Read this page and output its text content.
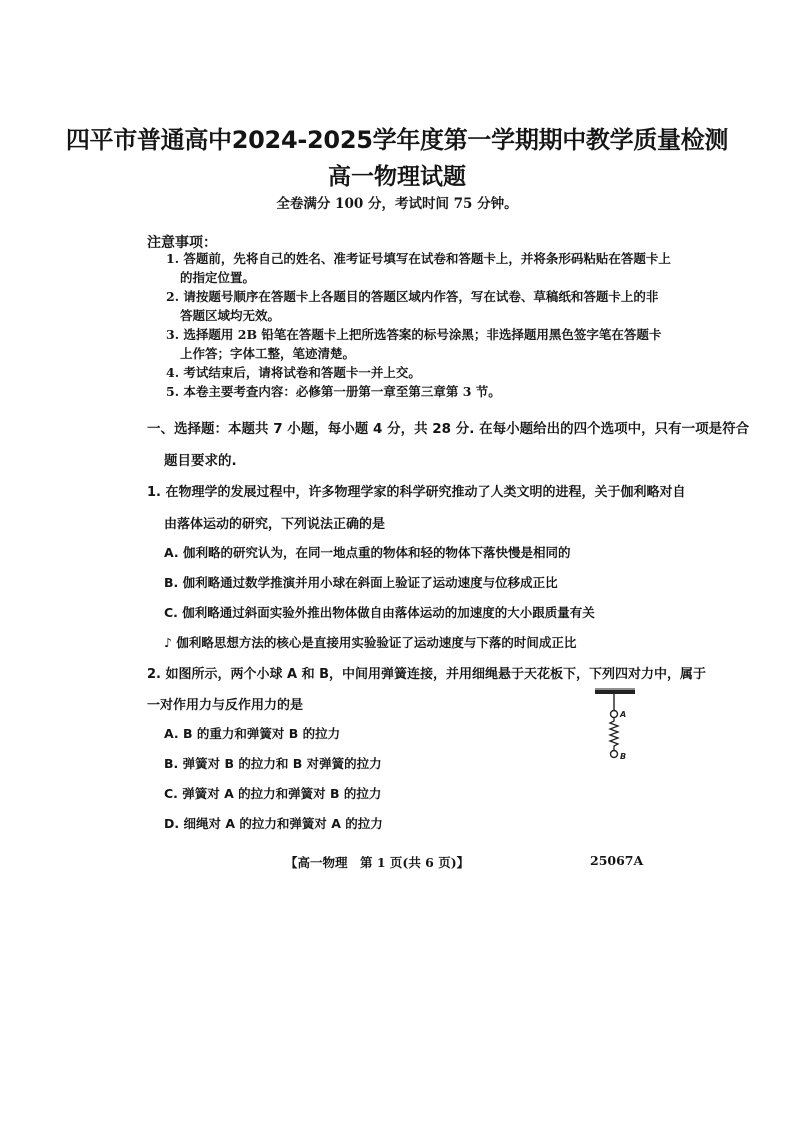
四平市普通高中2024-2025学年度第一学期期中教学质量检测
高一物理试题
全卷满分 100 分，考试时间 75 分钟。
注意事项：
1. 答题前，先将自己的姓名、准考证号填写在试卷和答题卡上，并将条形码粘贴在答题卡上
的指定位置。
2. 请按题号顺序在答题卡上各题目的答题区域内作答，写在试卷、草稿纸和答题卡上的非
答题区域均无效。
3. 选择题用 2B 铅笔在答题卡上把所选答案的标号涂黑；非选择题用黑色签字笔在答题卡
上作答；字体工整，笔迹清楚。
4. 考试结束后，请将试卷和答题卡一并上交。
5. 本卷主要考查内容：必修第一册第一章至第三章第 3 节。
一、选择题：本题共 7 小题，每小题 4 分，共 28 分. 在每小题给出的四个选项中，只有一项是符合
题目要求的.
1. 在物理学的发展过程中，许多物理学家的科学研究推动了人类文明的进程，关于伽利略对自
由落体运动的研究，下列说法正确的是
A. 伽利略的研究认为，在同一地点重的物体和轻的物体下落快慢是相同的
B. 伽利略通过数学推演并用小球在斜面上验证了运动速度与位移成正比
C. 伽利略通过斜面实验外推出物体做自由落体运动的加速度的大小跟质量有关
♪ 伽利略思想方法的核心是直接用实验验证了运动速度与下落的时间成正比
2. 如图所示，两个小球 A 和 B，中间用弹簧连接，并用细绳悬于天花板下，下列四对力中，属于
一对作用力与反作用力的是
A. B 的重力和弹簧对 B 的拉力
B. 弹簧对 B 的拉力和 B 对弹簧的拉力
C. 弹簧对 A 的拉力和弹簧对 B 的拉力
D. 细绳对 A 的拉力和弹簧对 A 的拉力
A
B
【高一物理　第 1 页(共 6 页)】	25067A
